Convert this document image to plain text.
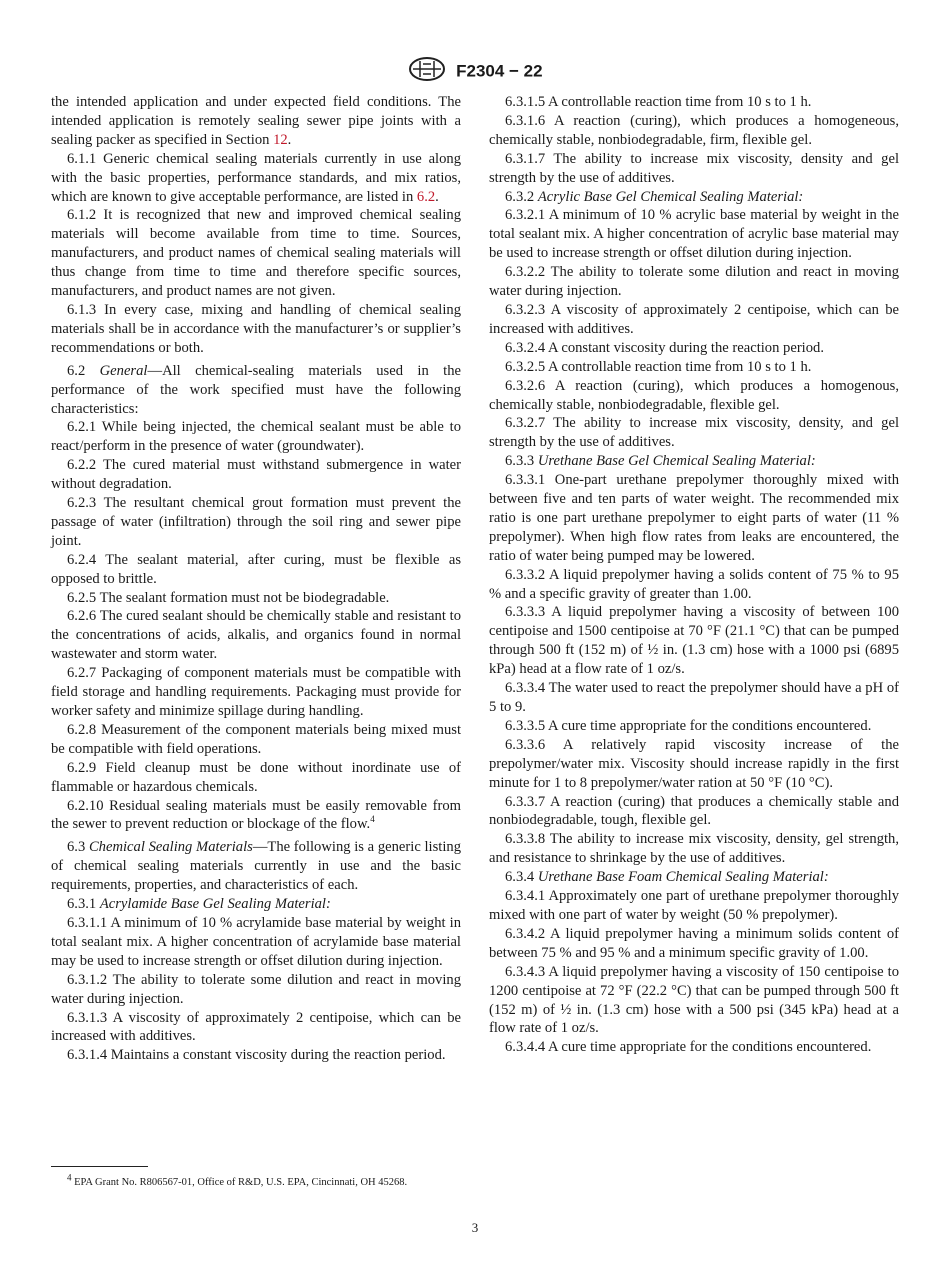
F2304 − 22

the intended application and under expected field conditions. The intended application is remotely sealing sewer pipe joints with a sealing packer as specified in Section 12.

6.1.1 Generic chemical sealing materials currently in use along with the basic properties, performance standards, and mix ratios, which are known to give acceptable performance, are listed in 6.2.

6.1.2 It is recognized that new and improved chemical sealing materials will become available from time to time. Sources, manufacturers, and product names of chemical sealing materials will thus change from time to time and therefore specific sources, manufacturers, and product names are not given.

6.1.3 In every case, mixing and handling of chemical sealing materials shall be in accordance with the manufacturer’s or supplier’s recommendations or both.

6.2 General—All chemical-sealing materials used in the performance of the work specified must have the following characteristics:

6.2.1 While being injected, the chemical sealant must be able to react/perform in the presence of water (groundwater).

6.2.2 The cured material must withstand submergence in water without degradation.

6.2.3 The resultant chemical grout formation must prevent the passage of water (infiltration) through the soil ring and sewer pipe joint.

6.2.4 The sealant material, after curing, must be flexible as opposed to brittle.

6.2.5 The sealant formation must not be biodegradable.

6.2.6 The cured sealant should be chemically stable and resistant to the concentrations of acids, alkalis, and organics found in normal wastewater and storm water.

6.2.7 Packaging of component materials must be compatible with field storage and handling requirements. Packaging must provide for worker safety and minimize spillage during handling.

6.2.8 Measurement of the component materials being mixed must be compatible with field operations.

6.2.9 Field cleanup must be done without inordinate use of flammable or hazardous chemicals.

6.2.10 Residual sealing materials must be easily removable from the sewer to prevent reduction or blockage of the flow.$^4$

6.3 Chemical Sealing Materials—The following is a generic listing of chemical sealing materials currently in use and the basic requirements, properties, and characteristics of each.

6.3.1 Acrylamide Base Gel Sealing Material:

6.3.1.1 A minimum of 10 % acrylamide base material by weight in total sealant mix. A higher concentration of acrylamide base material may be used to increase strength or offset dilution during injection.

6.3.1.2 The ability to tolerate some dilution and react in moving water during injection.

6.3.1.3 A viscosity of approximately 2 centipoise, which can be increased with additives.

6.3.1.4 Maintains a constant viscosity during the reaction period.

6.3.1.5 A controllable reaction time from 10 s to 1 h.

6.3.1.6 A reaction (curing), which produces a homogeneous, chemically stable, nonbiodegradable, firm, flexible gel.

6.3.1.7 The ability to increase mix viscosity, density and gel strength by the use of additives.

6.3.2 Acrylic Base Gel Chemical Sealing Material:

6.3.2.1 A minimum of 10 % acrylic base material by weight in the total sealant mix. A higher concentration of acrylic base material may be used to increase strength or offset dilution during injection.

6.3.2.2 The ability to tolerate some dilution and react in moving water during injection.

6.3.2.3 A viscosity of approximately 2 centipoise, which can be increased with additives.

6.3.2.4 A constant viscosity during the reaction period.

6.3.2.5 A controllable reaction time from 10 s to 1 h.

6.3.2.6 A reaction (curing), which produces a homogenous, chemically stable, nonbiodegradable, flexible gel.

6.3.2.7 The ability to increase mix viscosity, density, and gel strength by the use of additives.

6.3.3 Urethane Base Gel Chemical Sealing Material:

6.3.3.1 One-part urethane prepolymer thoroughly mixed with between five and ten parts of water weight. The recommended mix ratio is one part urethane prepolymer to eight parts of water (11 % prepolymer). When high flow rates from leaks are encountered, the ratio of water being pumped may be lowered.

6.3.3.2 A liquid prepolymer having a solids content of 75 % to 95 % and a specific gravity of greater than 1.00.

6.3.3.3 A liquid prepolymer having a viscosity of between 100 centipoise and 1500 centipoise at 70 °F (21.1 °C) that can be pumped through 500 ft (152 m) of ½ in. (1.3 cm) hose with a 1000 psi (6895 kPa) head at a flow rate of 1 oz/s.

6.3.3.4 The water used to react the prepolymer should have a pH of 5 to 9.

6.3.3.5 A cure time appropriate for the conditions encountered.

6.3.3.6 A relatively rapid viscosity increase of the prepolymer/water mix. Viscosity should increase rapidly in the first minute for 1 to 8 prepolymer/water ration at 50 °F (10 °C).

6.3.3.7 A reaction (curing) that produces a chemically stable and nonbiodegradable, tough, flexible gel.

6.3.3.8 The ability to increase mix viscosity, density, gel strength, and resistance to shrinkage by the use of additives.

6.3.4 Urethane Base Foam Chemical Sealing Material:

6.3.4.1 Approximately one part of urethane prepolymer thoroughly mixed with one part of water by weight (50 % prepolymer).

6.3.4.2 A liquid prepolymer having a minimum solids content of between 75 % and 95 % and a minimum specific gravity of 1.00.

6.3.4.3 A liquid prepolymer having a viscosity of 150 centipoise to 1200 centipoise at 72 °F (22.2 °C) that can be pumped through 500 ft (152 m) of ½ in. (1.3 cm) hose with a 500 psi (345 kPa) head at a flow rate of 1 oz/s.

6.3.4.4 A cure time appropriate for the conditions encountered.

$^4$ EPA Grant No. R806567-01, Office of R&D, U.S. EPA, Cincinnati, OH 45268.
3
